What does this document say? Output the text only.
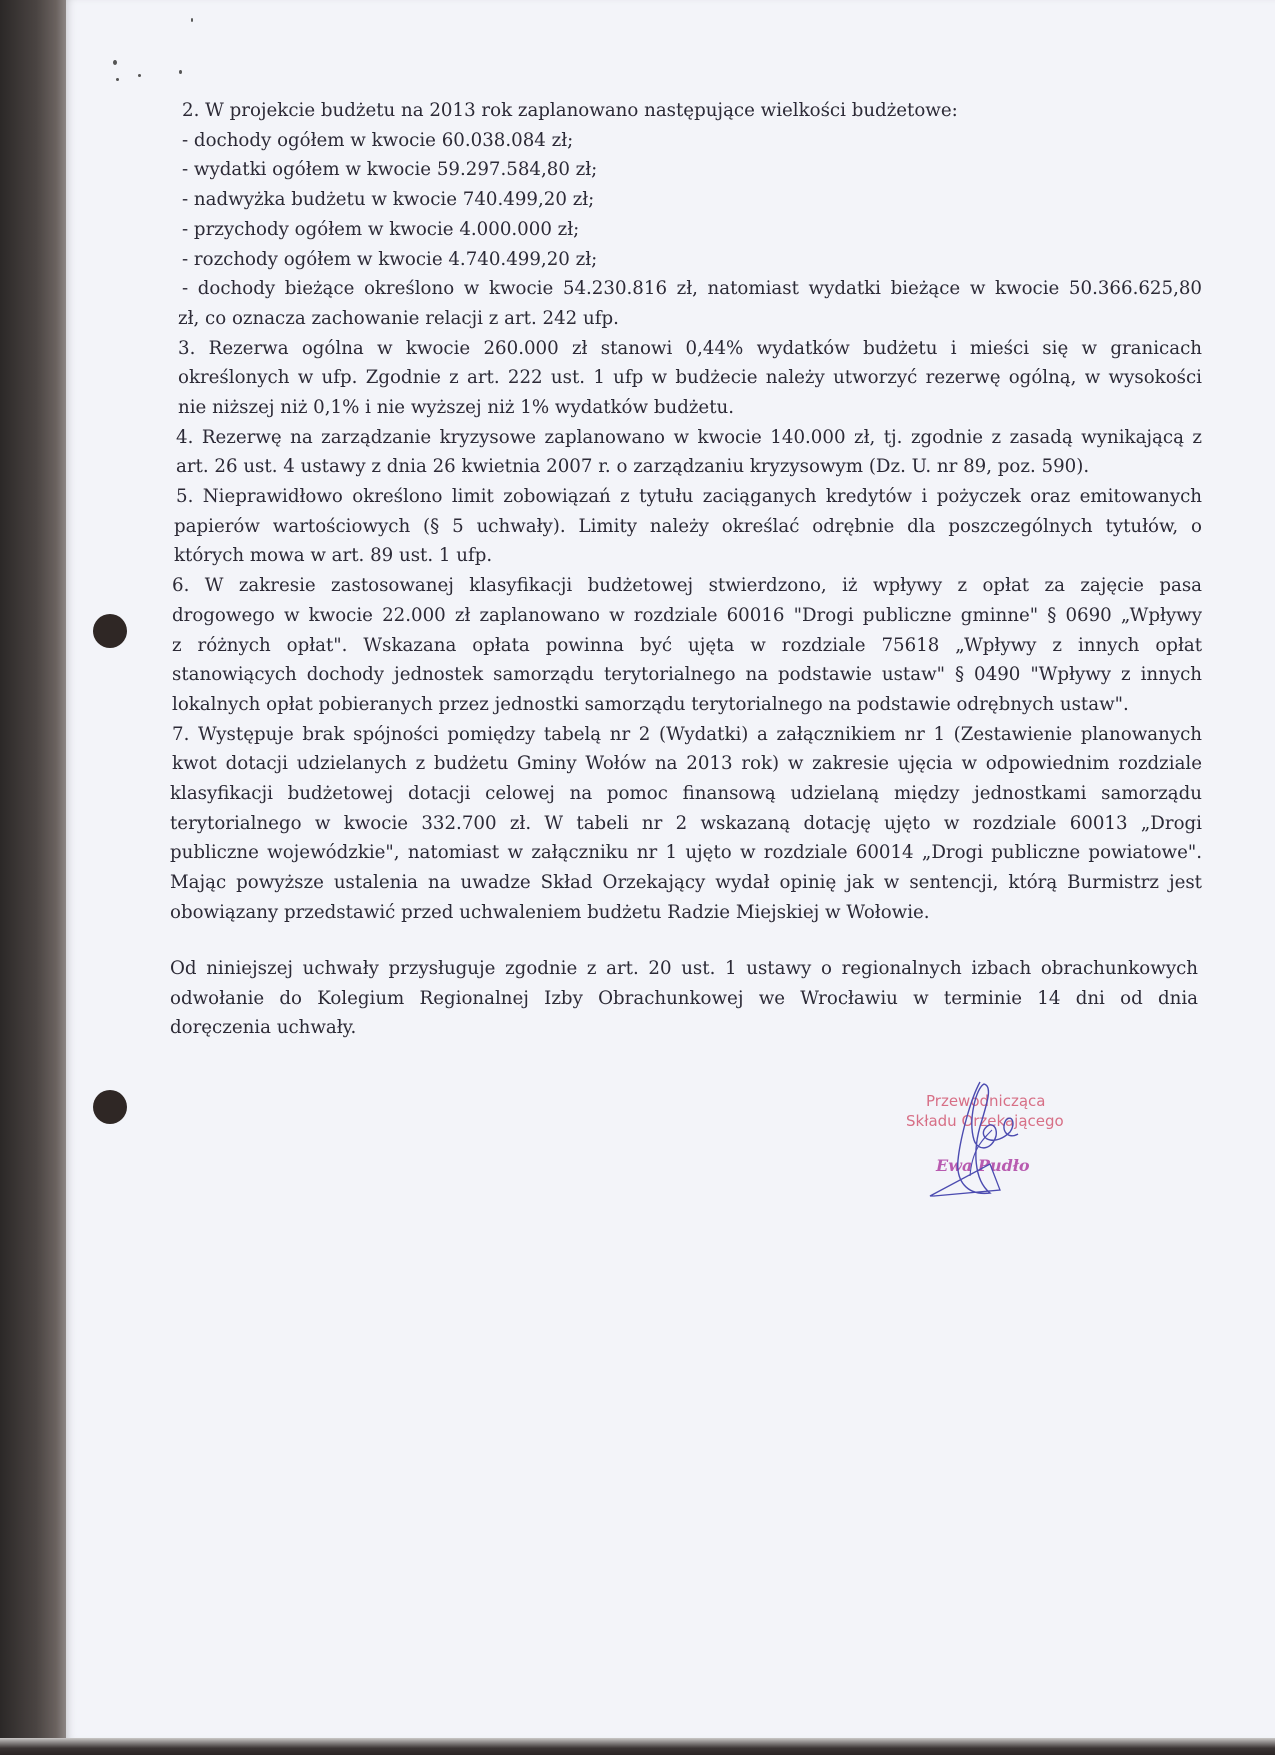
2. W projekcie budżetu na 2013 rok zaplanowano następujące wielkości budżetowe:
- dochody ogółem w kwocie 60.038.084 zł;
- wydatki ogółem w kwocie 59.297.584,80 zł;
- nadwyżka budżetu w kwocie 740.499,20 zł;
- przychody ogółem w kwocie 4.000.000 zł;
- rozchody ogółem w kwocie 4.740.499,20 zł;
- dochody bieżące określono w kwocie 54.230.816 zł, natomiast wydatki bieżące w kwocie 50.366.625,80
zł, co oznacza zachowanie relacji z art. 242 ufp.
3. Rezerwa ogólna w kwocie 260.000 zł stanowi 0,44% wydatków budżetu i mieści się w granicach
określonych w ufp. Zgodnie z art. 222 ust. 1 ufp w budżecie należy utworzyć rezerwę ogólną, w wysokości
nie niższej niż 0,1% i nie wyższej niż 1% wydatków budżetu.
4. Rezerwę na zarządzanie kryzysowe zaplanowano w kwocie 140.000 zł, tj. zgodnie z zasadą wynikającą z
art. 26 ust. 4 ustawy z dnia 26 kwietnia 2007 r. o zarządzaniu kryzysowym (Dz. U. nr 89, poz. 590).
5. Nieprawidłowo określono limit zobowiązań z tytułu zaciąganych kredytów i pożyczek oraz emitowanych
papierów wartościowych (§ 5 uchwały). Limity należy określać odrębnie dla poszczególnych tytułów, o
których mowa w art. 89 ust. 1 ufp.
6. W zakresie zastosowanej klasyfikacji budżetowej stwierdzono, iż wpływy z opłat za zajęcie pasa
drogowego w kwocie 22.000 zł zaplanowano w rozdziale 60016 "Drogi publiczne gminne" § 0690 „Wpływy
z różnych opłat". Wskazana opłata powinna być ujęta w rozdziale 75618 „Wpływy z innych opłat
stanowiących dochody jednostek samorządu terytorialnego na podstawie ustaw" § 0490 "Wpływy z innych
lokalnych opłat pobieranych przez jednostki samorządu terytorialnego na podstawie odrębnych ustaw".
7. Występuje brak spójności pomiędzy tabelą nr 2 (Wydatki) a załącznikiem nr 1 (Zestawienie planowanych
kwot dotacji udzielanych z budżetu Gminy Wołów na 2013 rok) w zakresie ujęcia w odpowiednim rozdziale
klasyfikacji budżetowej dotacji celowej na pomoc finansową udzielaną między jednostkami samorządu
terytorialnego w kwocie 332.700 zł. W tabeli nr 2 wskazaną dotację ujęto w rozdziale 60013 „Drogi
publiczne wojewódzkie", natomiast w załączniku nr 1 ujęto w rozdziale 60014 „Drogi publiczne powiatowe".
Mając powyższe ustalenia na uwadze Skład Orzekający wydał opinię jak w sentencji, którą Burmistrz jest
obowiązany przedstawić przed uchwaleniem budżetu Radzie Miejskiej w Wołowie.
Od niniejszej uchwały przysługuje zgodnie z art. 20 ust. 1 ustawy o regionalnych izbach obrachunkowych
odwołanie do Kolegium Regionalnej Izby Obrachunkowej we Wrocławiu w terminie 14 dni od dnia
doręczenia uchwały.
Przewodnicząca
Składu Orzekającego
Ewa Pudło
